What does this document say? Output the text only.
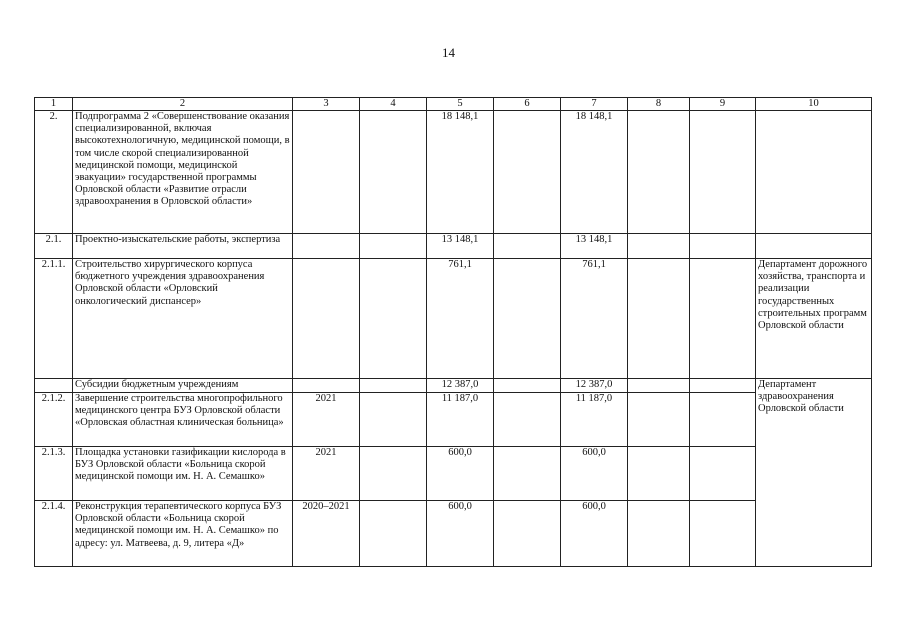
14
1	2	3	4	5	6	7	8	9	10
2.	Подпрограмма 2 «Совершенствование оказания специализированной, включая высокотехнологичную, медицинской помощи, в том числе скорой специализированной медицинской помощи, медицинской эвакуации» государственной программы Орловской области «Развитие отрасли здравоохранения в Орловской области»			18 148,1		18 148,1			
2.1.	Проектно-изыскательские работы, экспертиза			13 148,1		13 148,1			
2.1.1.	Строительство хирургического корпуса бюджетного учреждения здравоохранения Орловской области «Орловский онкологический диспансер»			761,1		761,1			Департамент дорожного хозяйства, транспорта и реализации государственных строительных программ Орловской области
	Субсидии бюджетным учреждениям			12 387,0		12 387,0			Департамент здравоохранения Орловской области
2.1.2.	Завершение строительства многопрофильного медицинского центра БУЗ Орловской области «Орловская областная клиническая больница»	2021		11 187,0		11 187,0			
2.1.3.	Площадка установки газификации кислорода в БУЗ Орловской области «Больница скорой медицинской помощи им. Н. А. Семашко»	2021		600,0		600,0			
2.1.4.	Реконструкция терапевтического корпуса БУЗ Орловской области «Больница скорой медицинской помощи им. Н. А. Семашко» по адресу: ул. Матвеева, д. 9, литера «Д»	2020–2021		600,0		600,0			
